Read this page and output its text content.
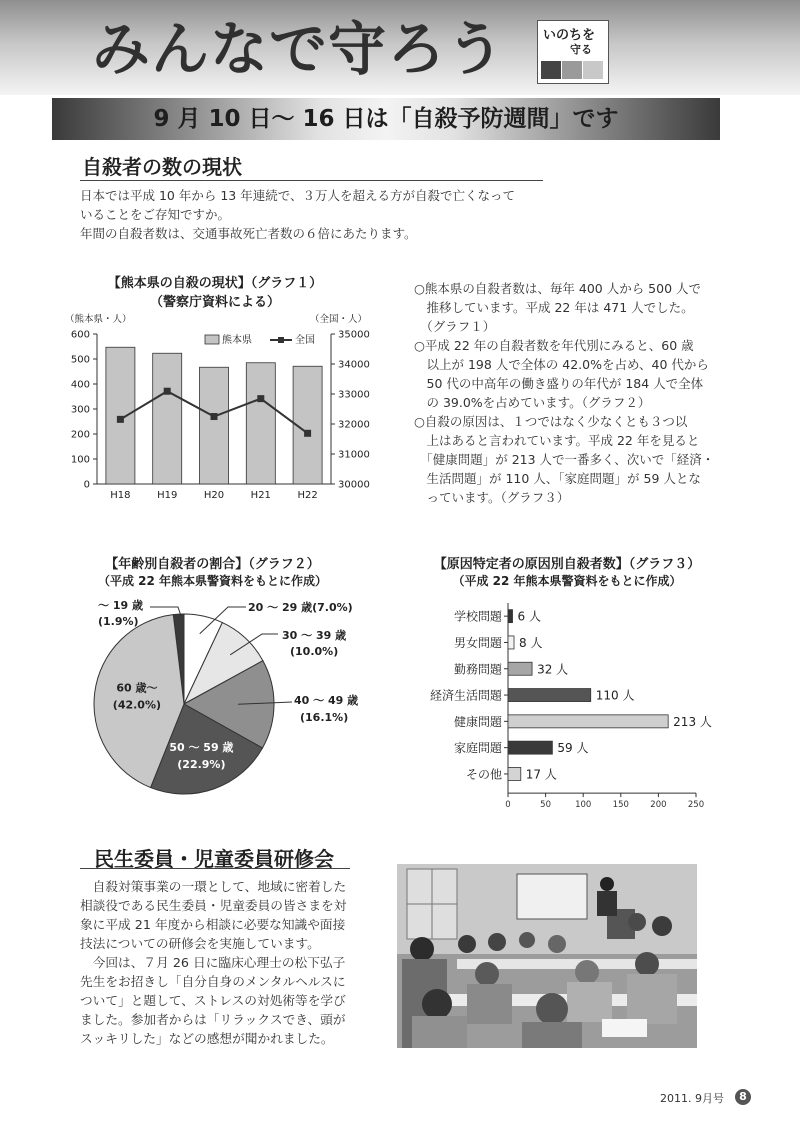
みんなで守ろう	いのちを
守る
9 月 10 日〜 16 日は「自殺予防週間」です
自殺者の数の現状
日本では平成 10 年から 13 年連続で、３万人を超える方が自殺で亡くなって
いることをご存知ですか。
年間の自殺者数は、交通事故死亡者数の６倍にあたります。
【熊本県の自殺の現状】（グラフ１）
（警察庁資料による）
（熊本県・人）	（全国・人）
0
100
200
300
400
500
600
30000
31000
32000
33000
34000
35000
H18	H19	H20	H21	H22
熊本県	全国
○熊本県の自殺者数は、毎年 400 人から 500 人で
　推移しています。平成 22 年は 471 人でした。
　（グラフ１）
○平成 22 年の自殺者数を年代別にみると、60 歳
　以上が 198 人で全体の 42.0%を占め、40 代から
　50 代の中高年の働き盛りの年代が 184 人で全体
　の 39.0%を占めています。（グラフ２）
○自殺の原因は、１つではなく少なくとも３つ以
　上はあると言われています。平成 22 年を見ると
　「健康問題」が 213 人で一番多く、次いで「経済・
　生活問題」が 110 人、「家庭問題」が 59 人とな
　っています。（グラフ３）
【年齢別自殺者の割合】（グラフ２）
（平成 22 年熊本県警資料をもとに作成）
〜 19 歳
(1.9%)
20 〜 29 歳(7.0%)
30 〜 39 歳
(10.0%)
40 〜 49 歳
(16.1%)
50 〜 59 歳
(22.9%)
60 歳〜
(42.0%)
【原因特定者の原因別自殺者数】（グラフ３）
（平成 22 年熊本県警資料をもとに作成）
0	50	100	150	200	250
学校問題
男女問題
勤務問題
経済生活問題
健康問題
家庭問題
その他
6 人
8 人
32 人
110 人
213 人
59 人
17 人
民生委員・児童委員研修会
　自殺対策事業の一環として、地域に密着した
相談役である民生委員・児童委員の皆さまを対
象に平成 21 年度から相談に必要な知識や面接
技法についての研修会を実施しています。
　今回は、７月 26 日に臨床心理士の松下弘子
先生をお招きし「自分自身のメンタルヘルスに
ついて」と題して、ストレスの対処術等を学び
ました。参加者からは「リラックスでき、頭が
スッキリした」などの感想が聞かれました。
2011. 9月号	8
